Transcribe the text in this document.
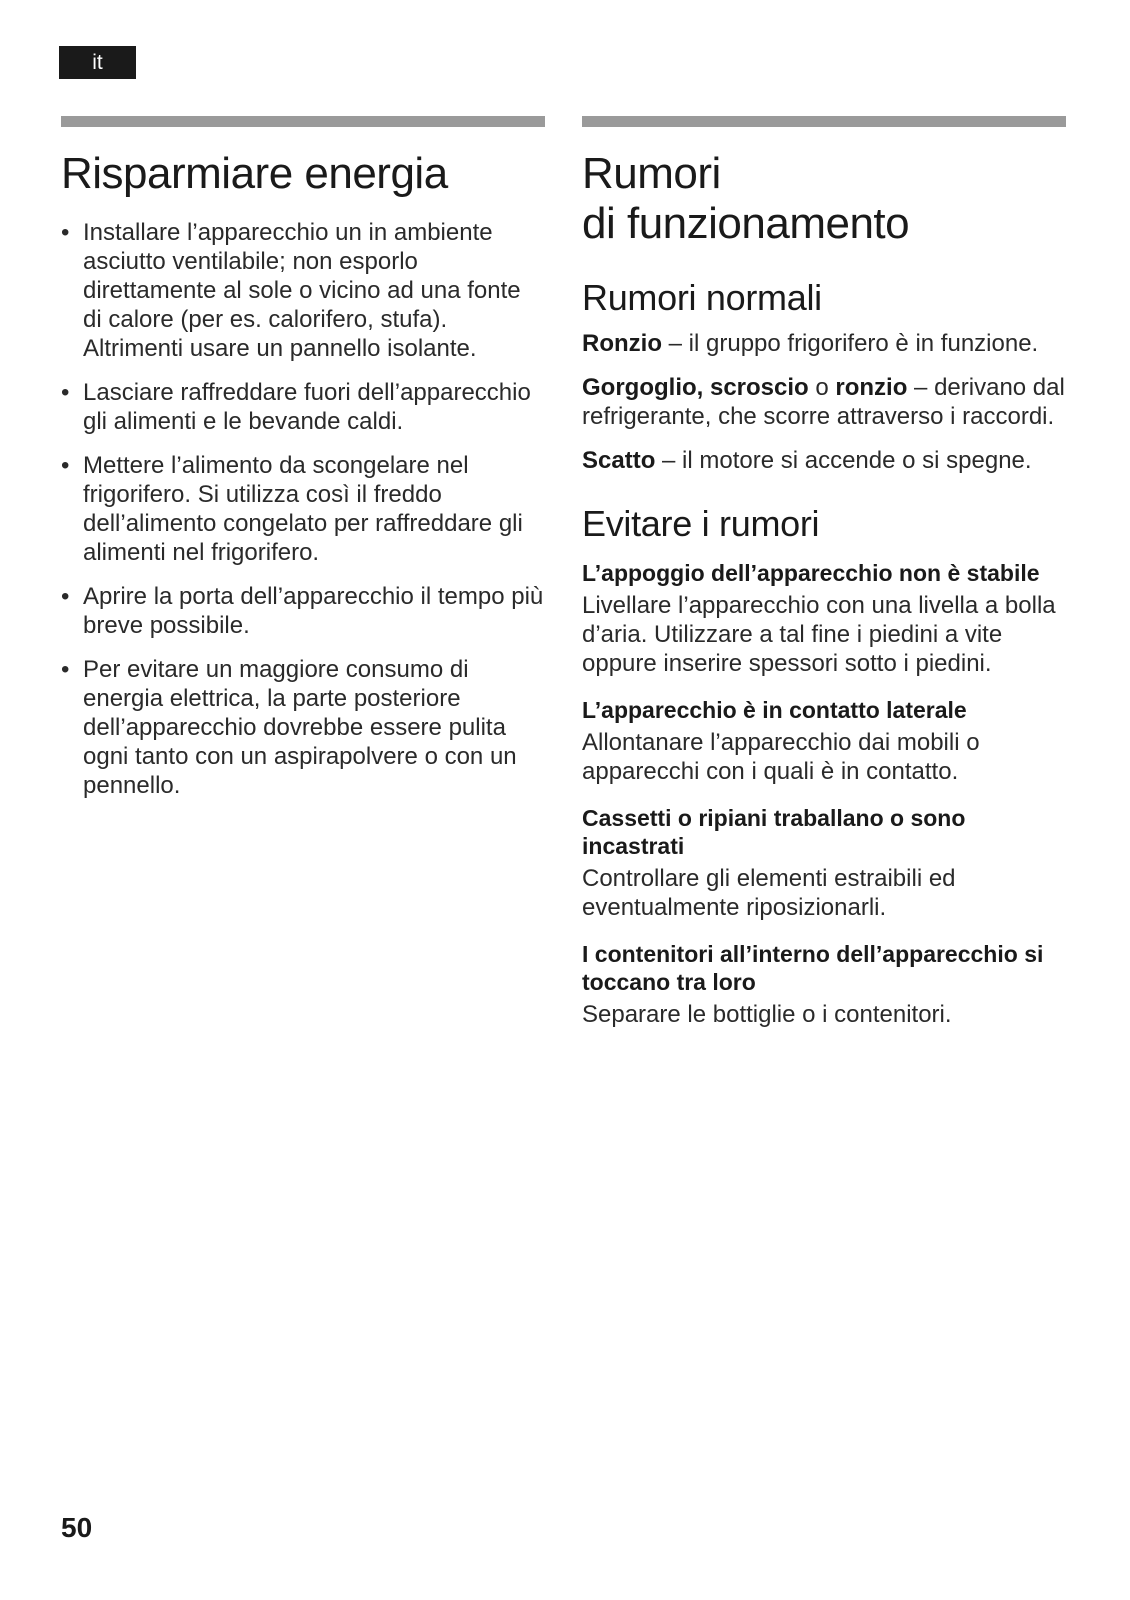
it
Risparmiare energia
• Installare l’apparecchio un in ambiente asciutto ventilabile; non esporlo direttamente al sole o vicino ad una fonte di calore (per es. calorifero, stufa). Altrimenti usare un pannello isolante.
• Lasciare raffreddare fuori dell’apparecchio gli alimenti e le bevande caldi.
• Mettere l’alimento da scongelare nel frigorifero. Si utilizza così il freddo dell’alimento congelato per raffreddare gli alimenti nel frigorifero.
• Aprire la porta dell’apparecchio il tempo più breve possibile.
• Per evitare un maggiore consumo di energia elettrica, la parte posteriore dell’apparecchio dovrebbe essere pulita ogni tanto con un aspirapolvere o con un pennello.
Rumori
di funzionamento
Rumori normali

Ronzio – il gruppo frigorifero è in funzione.

Gorgoglio, scroscio o ronzio – derivano dal refrigerante, che scorre attraverso i raccordi.

Scatto – il motore si accende o si spegne.

Evitare i rumori
L’appoggio dell’apparecchio non è stabile

Livellare l’apparecchio con una livella a bolla d’aria. Utilizzare a tal fine i piedini a vite oppure inserire spessori sotto i piedini.

L’apparecchio è in contatto laterale

Allontanare l’apparecchio dai mobili o apparecchi con i quali è in contatto.

Cassetti o ripiani traballano o sono incastrati

Controllare gli elementi estraibili ed eventualmente riposizionarli.

I contenitori all’interno dell’apparecchio si toccano tra loro

Separare le bottiglie o i contenitori.

50
